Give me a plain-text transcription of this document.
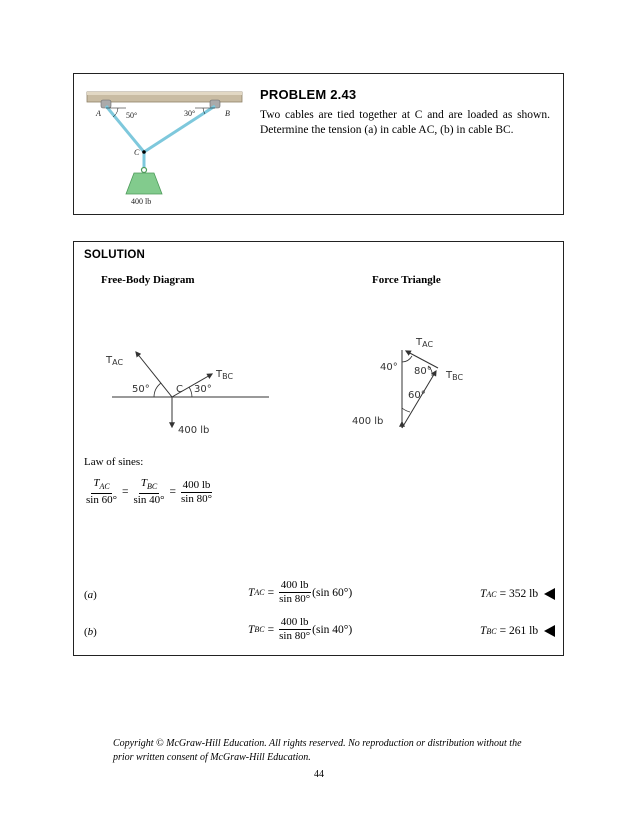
A	B
C
50°	30°
400 lb
PROBLEM 2.43
Two cables are tied together at C and are loaded as shown. Determine the tension (a) in cable AC, (b) in cable BC.
SOLUTION
Free-Body Diagram	Force Triangle
$T_{AC}$
$T_{BC}$
50°	30°
C
400 lb
$T_{AC}$
$T_{BC}$
40° 80°
60°
400 lb
Law of sines:
$\frac{T_{AC}}{\sin 60^\circ} = \frac{T_{BC}}{\sin 40^\circ} = \frac{400 lb}{\sin 80^\circ}$
(a)	T AC = $\frac{400 lb}{\sin 80^\circ} (\sin$ 60°)	T AC = 352 lb
(b)	T BC = $\frac{400 lb}{\sin 80^\circ} (\sin$ 40°)	T BC = 261 lb
Copyright © McGraw-Hill Education. All rights reserved. No reproduction or distribution without the prior written consent of McGraw-Hill Education.
44
